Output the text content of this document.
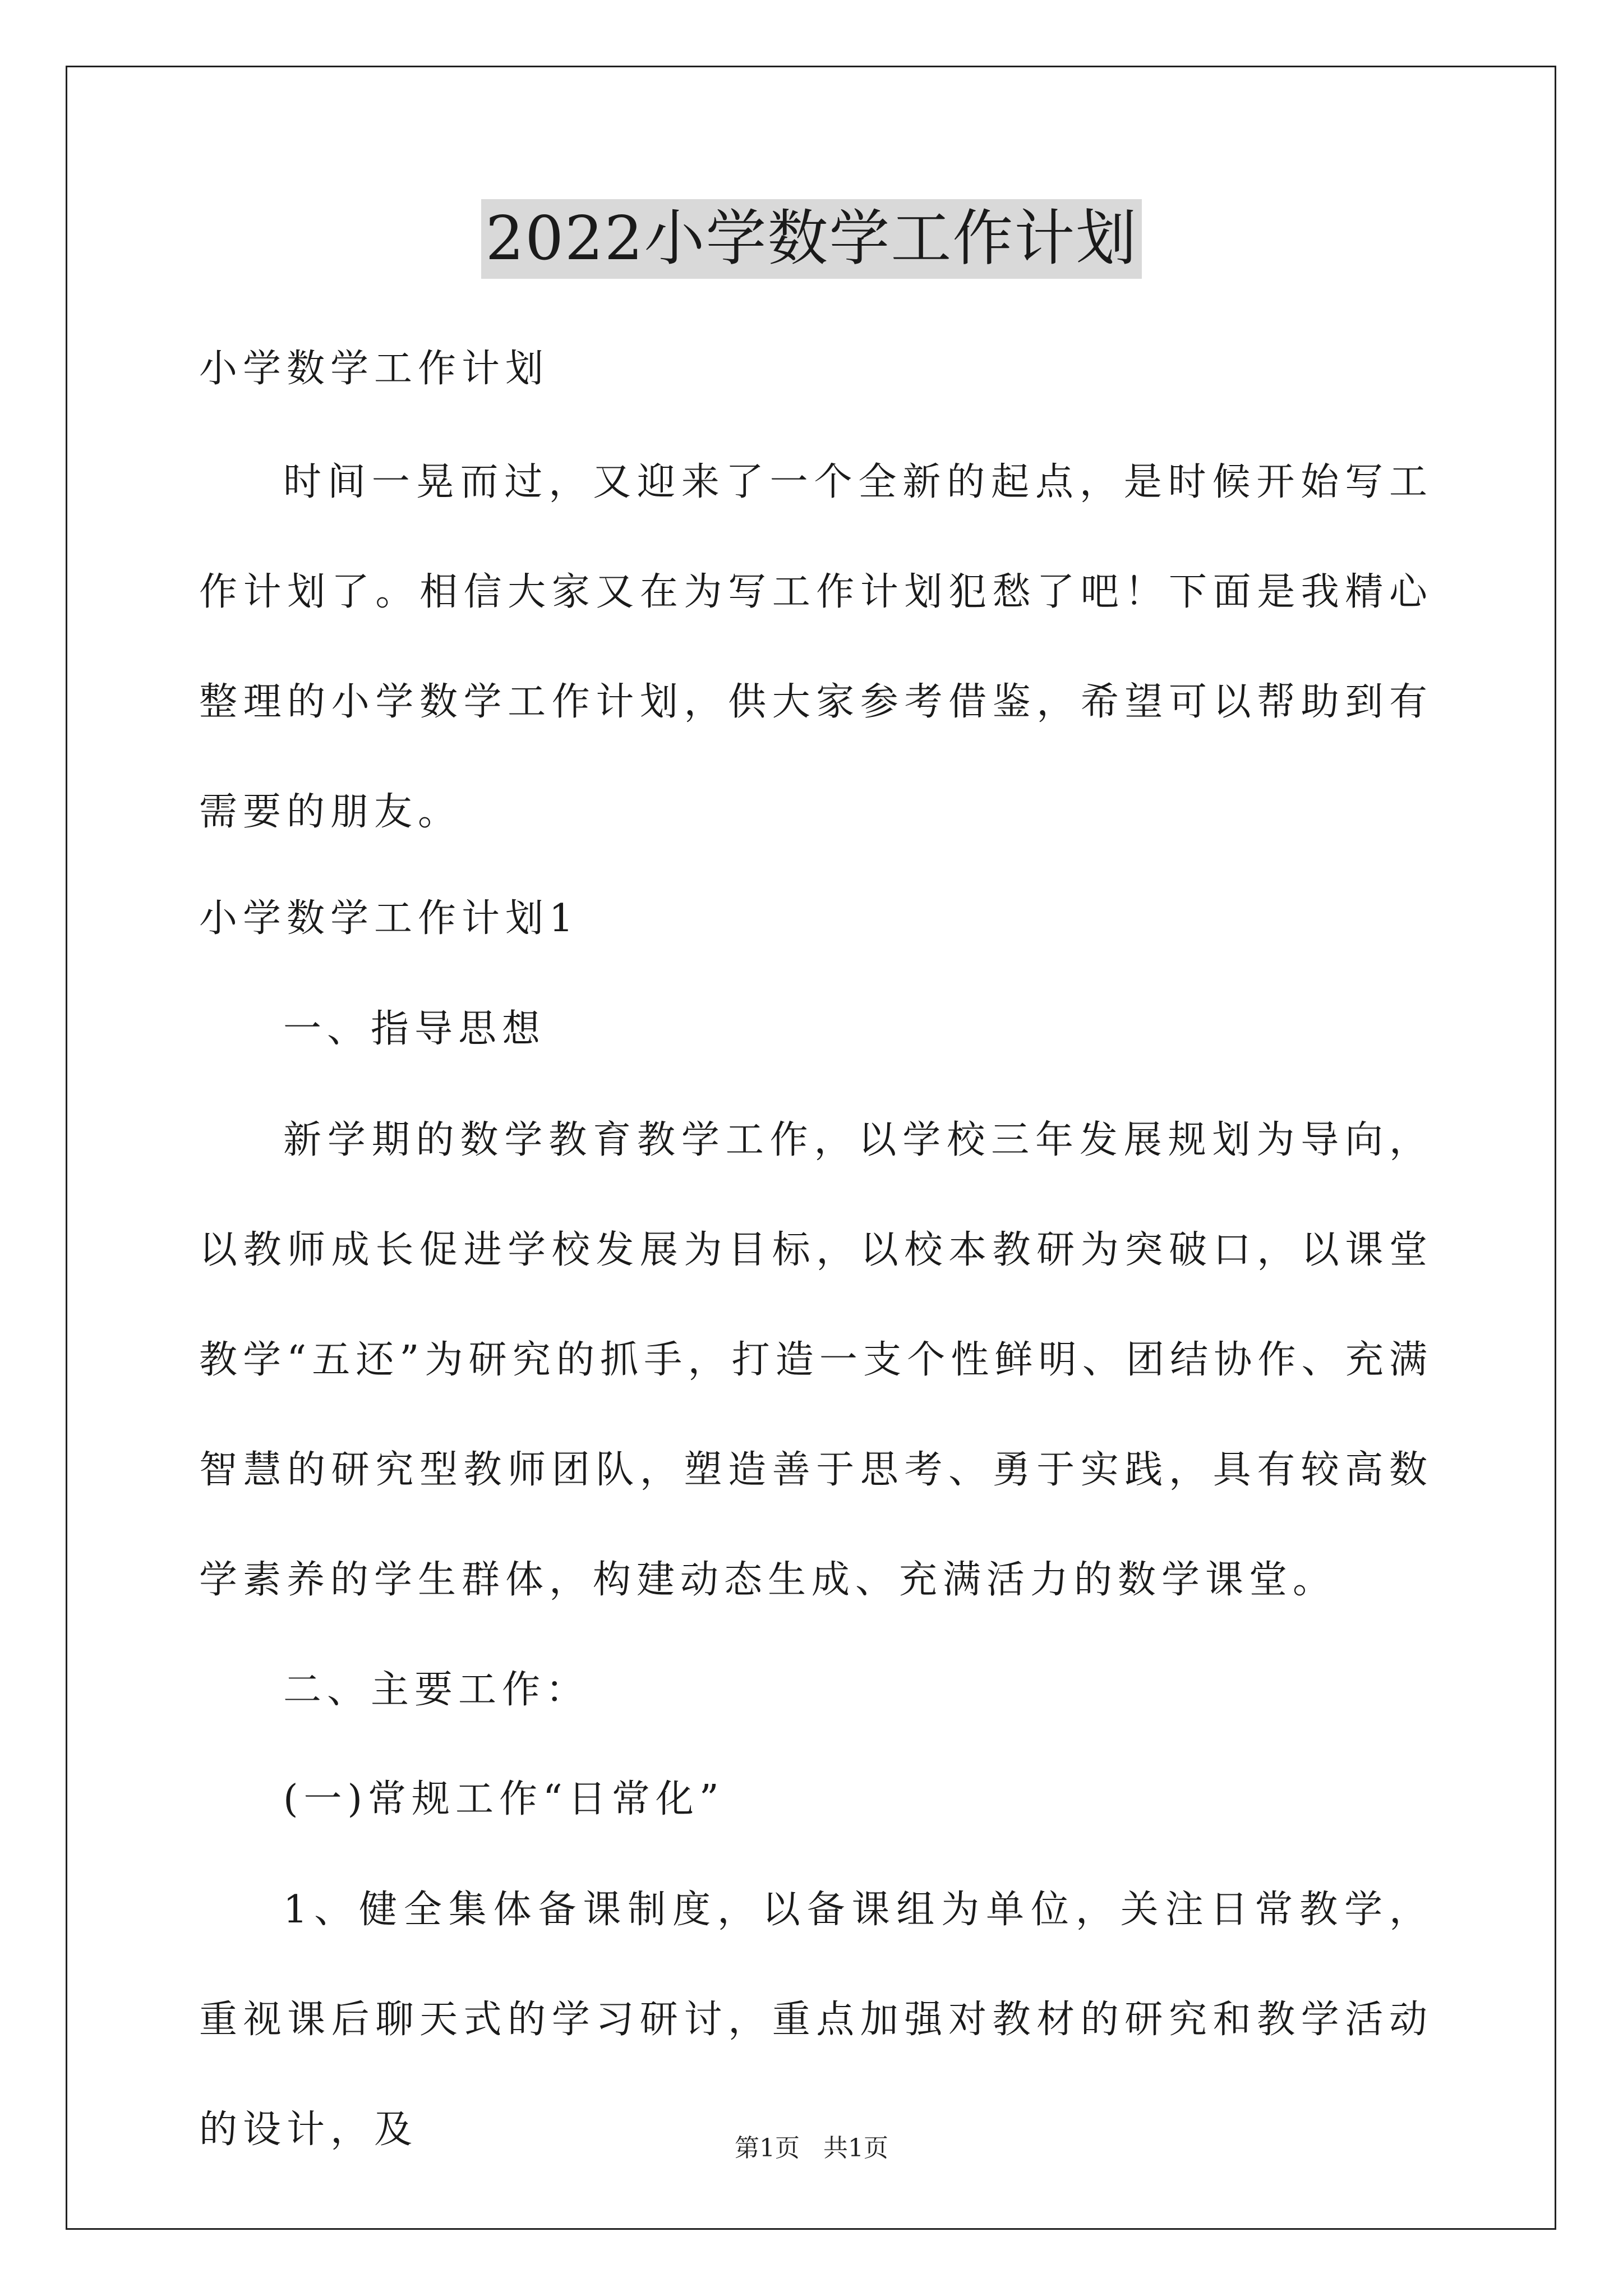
2022小学数学工作计划

小学数学工作计划

时间一晃而过，又迎来了一个全新的起点，是时候开始写工作计划了。相信大家又在为写工作计划犯愁了吧！下面是我精心整理的小学数学工作计划，供大家参考借鉴，希望可以帮助到有需要的朋友。

小学数学工作计划1

一、指导思想

新学期的数学教育教学工作，以学校三年发展规划为导向，以教师成长促进学校发展为目标，以校本教研为突破口，以课堂教学“五还”为研究的抓手，打造一支个性鲜明、团结协作、充满智慧的研究型教师团队，塑造善于思考、勇于实践，具有较高数学素养的学生群体，构建动态生成、充满活力的数学课堂。

二、主要工作：

(一)常规工作“日常化”

1、健全集体备课制度，以备课组为单位，关注日常教学，重视课后聊天式的学习研讨，重点加强对教材的研究和教学活动的设计，及	第1页 共1页
